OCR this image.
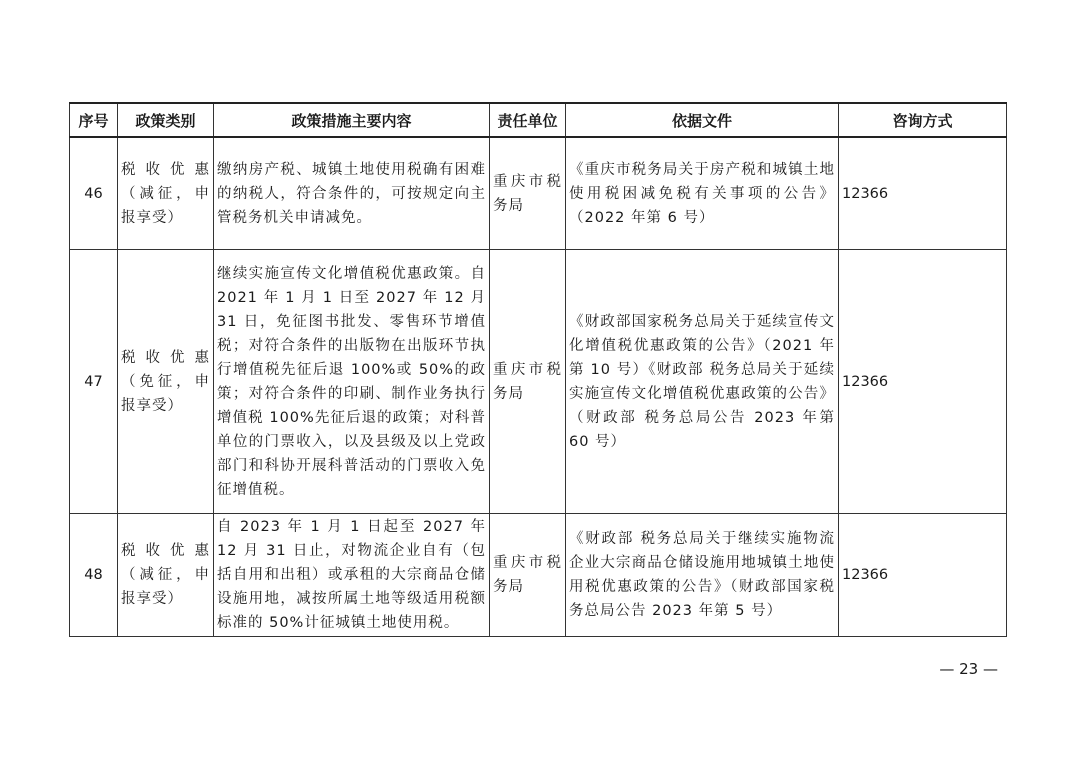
序号	政策类别	政策措施主要内容	责任单位	依据文件	咨询方式
46	税收优惠（减征，申报享受）	缴纳房产税、城镇土地使用税确有困难的纳税人，符合条件的，可按规定向主管税务机关申请减免。	重庆市税务局	《重庆市税务局关于房产税和城镇土地使用税困减免税有关事项的公告》（2022 年第 6 号）	12366
47	税收优惠（免征，申报享受）	继续实施宣传文化增值税优惠政策。自 2021 年 1 月 1 日至 2027 年 12 月 31 日，免征图书批发、零售环节增值税；对符合条件的出版物在出版环节执行增值税先征后退 100%或 50%的政策；对符合条件的印刷、制作业务执行增值税 100%先征后退的政策；对科普单位的门票收入，以及县级及以上党政部门和科协开展科普活动的门票收入免征增值税。	重庆市税务局	《财政部国家税务总局关于延续宣传文化增值税优惠政策的公告》（2021 年第 10 号）《财政部 税务总局关于延续实施宣传文化增值税优惠政策的公告》（财政部 税务总局公告 2023 年第 60 号）	12366
48	税收优惠（减征，申报享受）	自 2023 年 1 月 1 日起至 2027 年 12 月 31 日止，对物流企业自有（包括自用和出租）或承租的大宗商品仓储设施用地，减按所属土地等级适用税额标准的 50%计征城镇土地使用税。	重庆市税务局	《财政部 税务总局关于继续实施物流企业大宗商品仓储设施用地城镇土地使用税优惠政策的公告》（财政部国家税务总局公告 2023 年第 5 号）	12366
— 23 —
